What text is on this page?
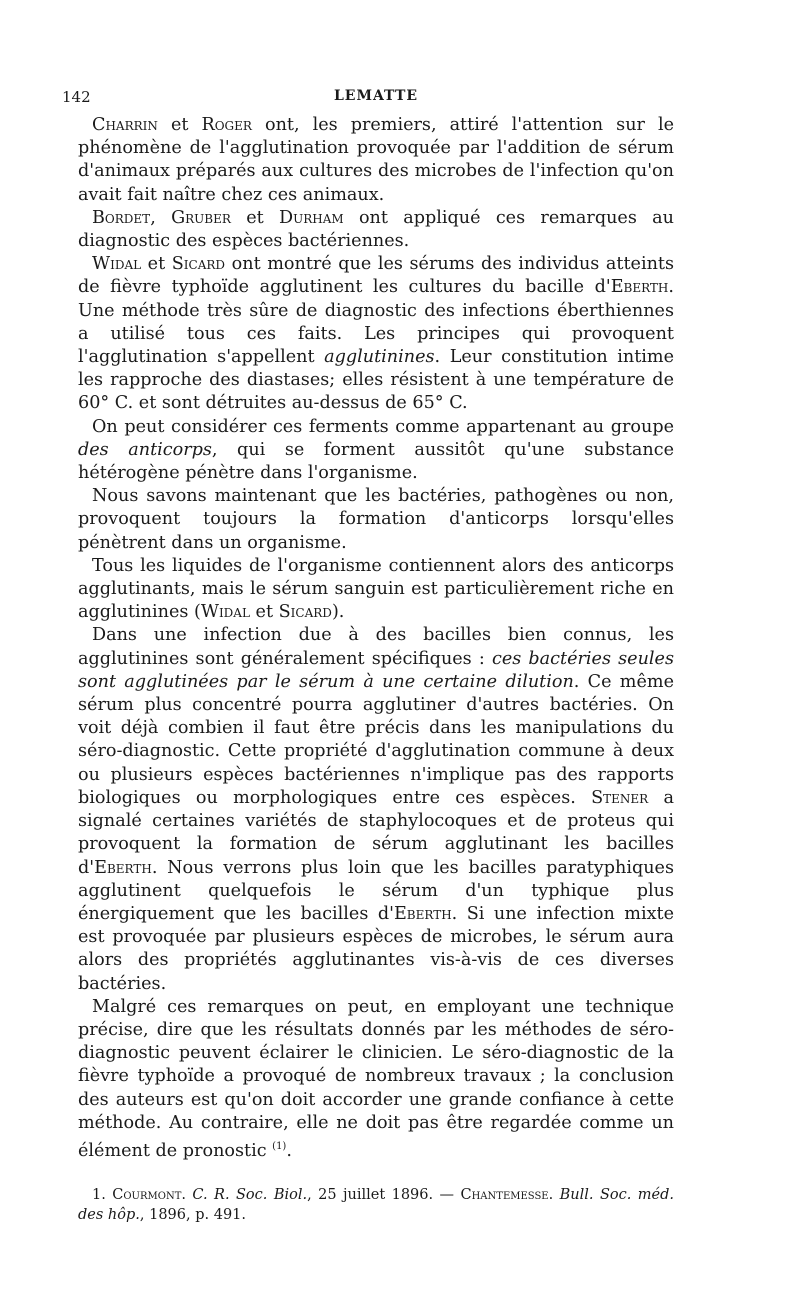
142	LEMATTE

Charrin et Roger ont, les premiers, attiré l'attention sur le phénomène de l'agglutination provoquée par l'addition de sérum d'animaux préparés aux cultures des microbes de l'infection qu'on avait fait naître chez ces animaux.

Bordet, Gruber et Durham ont appliqué ces remarques au diagnostic des espèces bactériennes.

Widal et Sicard ont montré que les sérums des individus atteints de fièvre typhoïde agglutinent les cultures du bacille d'Eberth. Une méthode très sûre de diagnostic des infections éberthiennes a utilisé tous ces faits. Les principes qui provoquent l'agglutination s'appellent agglutinines. Leur constitution intime les rapproche des diastases; elles résistent à une température de 60° C. et sont détruites au-dessus de 65° C.

On peut considérer ces ferments comme appartenant au groupe des anticorps, qui se forment aussitôt qu'une substance hétérogène pénètre dans l'organisme.

Nous savons maintenant que les bactéries, pathogènes ou non, provoquent toujours la formation d'anticorps lorsqu'elles pénètrent dans un organisme.

Tous les liquides de l'organisme contiennent alors des anticorps agglutinants, mais le sérum sanguin est particulièrement riche en agglutinines (Widal et Sicard).

Dans une infection due à des bacilles bien connus, les agglutinines sont généralement spécifiques : ces bactéries seules sont agglutinées par le sérum à une certaine dilution. Ce même sérum plus concentré pourra agglutiner d'autres bactéries. On voit déjà combien il faut être précis dans les manipulations du séro-diagnostic. Cette propriété d'agglutination commune à deux ou plusieurs espèces bactériennes n'implique pas des rapports biologiques ou morphologiques entre ces espèces. Stener a signalé certaines variétés de staphylocoques et de proteus qui provoquent la formation de sérum agglutinant les bacilles d'Eberth. Nous verrons plus loin que les bacilles paratyphiques agglutinent quelquefois le sérum d'un typhique plus énergiquement que les bacilles d'Eberth. Si une infection mixte est provoquée par plusieurs espèces de microbes, le sérum aura alors des propriétés agglutinantes vis-à-vis de ces diverses bactéries.

Malgré ces remarques on peut, en employant une technique précise, dire que les résultats donnés par les méthodes de séro-diagnostic peuvent éclairer le clinicien. Le séro-diagnostic de la fièvre typhoïde a provoqué de nombreux travaux ; la conclusion des auteurs est qu'on doit accorder une grande confiance à cette méthode. Au contraire, elle ne doit pas être regardée comme un élément de pronostic $^{(1)}$.

1. Courmont. C. R. Soc. Biol., 25 juillet 1896. — Chantemesse. Bull. Soc. méd. des hôp., 1896, p. 491.
